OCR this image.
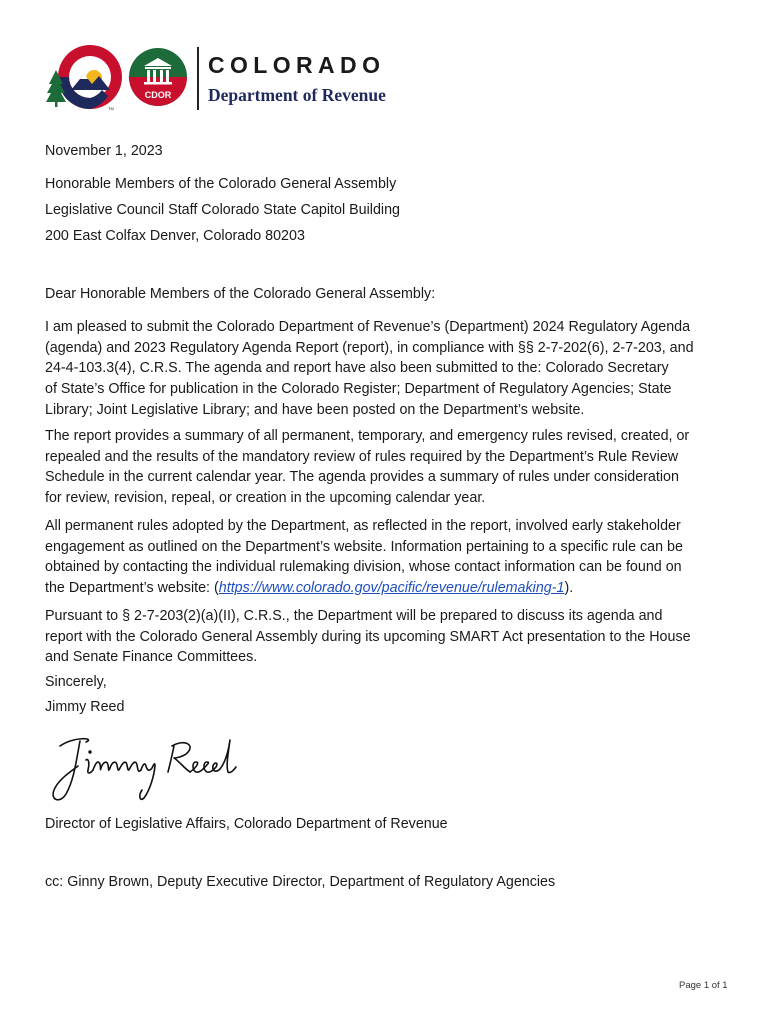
TM
CDOR
COLORADO
Department of Revenue
November 1, 2023
Honorable Members of the Colorado General Assembly
Legislative Council Staff Colorado State Capitol Building
200 East Colfax Denver, Colorado 80203
Dear Honorable Members of the Colorado General Assembly:
I am pleased to submit the Colorado Department of Revenue’s (Department) 2024 Regulatory Agenda
(agenda) and 2023 Regulatory Agenda Report (report), in compliance with §§ 2-7-202(6), 2-7-203, and
24-4-103.3(4), C.R.S. The agenda and report have also been submitted to the: Colorado Secretary
of State’s Office for publication in the Colorado Register; Department of Regulatory Agencies; State
Library; Joint Legislative Library; and have been posted on the Department’s website.
The report provides a summary of all permanent, temporary, and emergency rules revised, created, or
repealed and the results of the mandatory review of rules required by the Department’s Rule Review
Schedule in the current calendar year. The agenda provides a summary of rules under consideration
for review, revision, repeal, or creation in the upcoming calendar year.
All permanent rules adopted by the Department, as reflected in the report, involved early stakeholder
engagement as outlined on the Department’s website. Information pertaining to a specific rule can be
obtained by contacting the individual rulemaking division, whose contact information can be found on
the Department’s website: (https://www.colorado.gov/pacific/revenue/rulemaking-1).
Pursuant to § 2-7-203(2)(a)(II), C.R.S., the Department will be prepared to discuss its agenda and
report with the Colorado General Assembly during its upcoming SMART Act presentation to the House
and Senate Finance Committees.
Sincerely,
Jimmy Reed
Director of Legislative Affairs, Colorado Department of Revenue
cc: Ginny Brown, Deputy Executive Director, Department of Regulatory Agencies
Page 1 of 1
